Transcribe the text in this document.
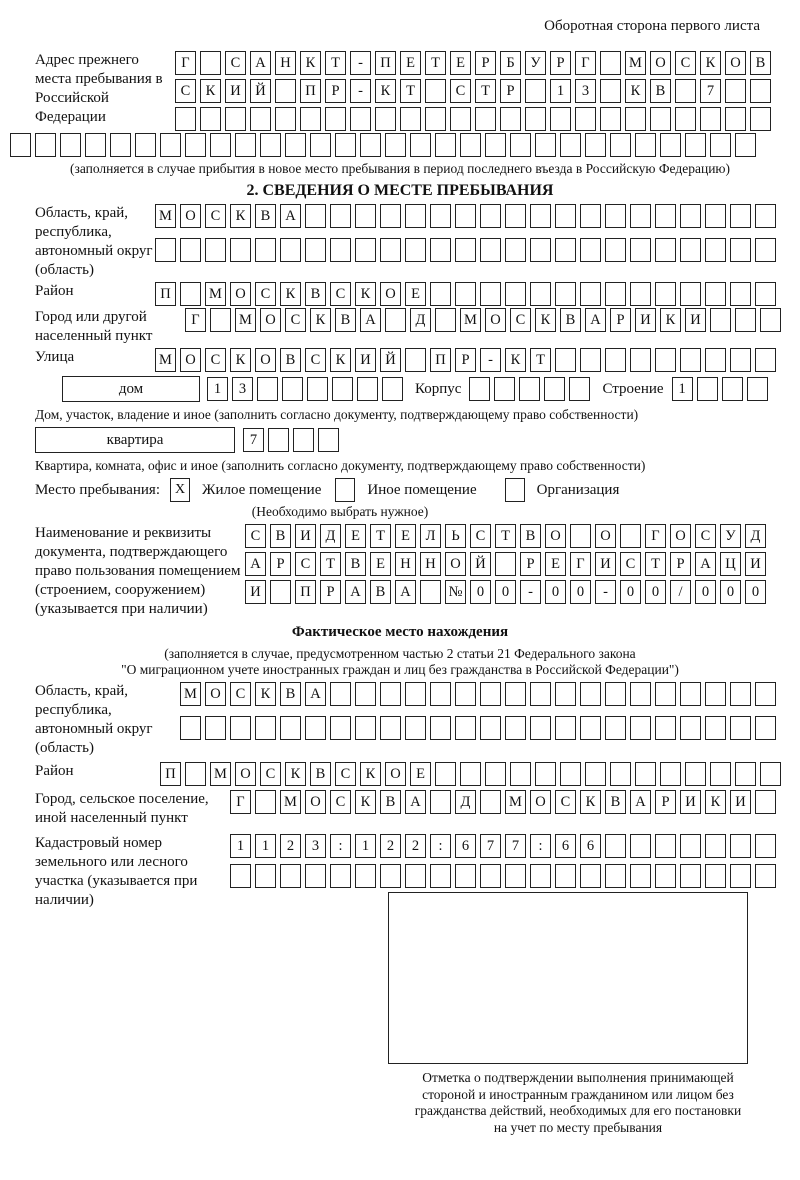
Оборотная сторона первого листа
Адрес прежнего места пребывания в Российской Федерации
Г	С	А	Н	К	Т	-	П	Е	Т	Е	Р	Б	У	Р	Г	М О	С	К	О	В
С	К	И	Й	П	Р	-	К	Т	С	Т	Р	1	3	К	В	7
(заполняется в случае прибытия в новое место пребывания в период последнего въезда в Российскую Федерацию)
2. СВЕДЕНИЯ О МЕСТЕ ПРЕБЫВАНИЯ
Область, край, республика, автономный округ (область)
М О	С	К	В	А
Район	П	М О	С	К	В	С	К	О	Е
Город или другой населенный пункт
Г	М О	С	К	В	А	Д	М О	С	К	В	А	Р	И	К	И
Улица	М О	С	К	О	В	С	К	И	Й	П	Р	-	К	Т
дом	1	3	Корпус	Строение	1
Дом, участок, владение и иное (заполнить согласно документу, подтверждающему право собственности)
квартира	7
Квартира, комната, офис и иное (заполнить согласно документу, подтверждающему право собственности)
Место пребывания:	X	Жилое помещение	Иное помещение	Организация
(Необходимо выбрать нужное)
Наименование и реквизиты документа, подтверждающего право пользования помещением (строением, сооружением) (указывается при наличии)
С	В	И	Д	Е	Т	Е	Л	Ь	С	Т	В	О	О	Г	О	С	У	Д
А	Р	С	Т	В	Е	Н	Н	О	Й	Р	Е	Г	И	С	Т	Р	А	Ц	И
И	П	Р	А	В	А	№ 0	0	-	0	0	-	0	0	/	0	0	0
Фактическое место нахождения
(заполняется в случае, предусмотренном частью 2 статьи 21 Федерального закона
"О миграционном учете иностранных граждан и лиц без гражданства в Российской Федерации")
Область, край, республика, автономный округ (область)
М О	С	К	В	А
Район	П	М О	С	К	В	С	К	О	Е
Город, сельское поселение, иной населенный пункт
Г	М О	С	К	В	А	Д	М О	С	К	В	А	Р	И	К	И
Кадастровый номер земельного или лесного участка (указывается при наличии)
1	1	2	3	:	1	2	2	:	6	7	7	:	6	6
Отметка о подтверждении выполнения принимающей стороной и иностранным гражданином или лицом без гражданства действий, необходимых для его постановки на учет по месту пребывания
